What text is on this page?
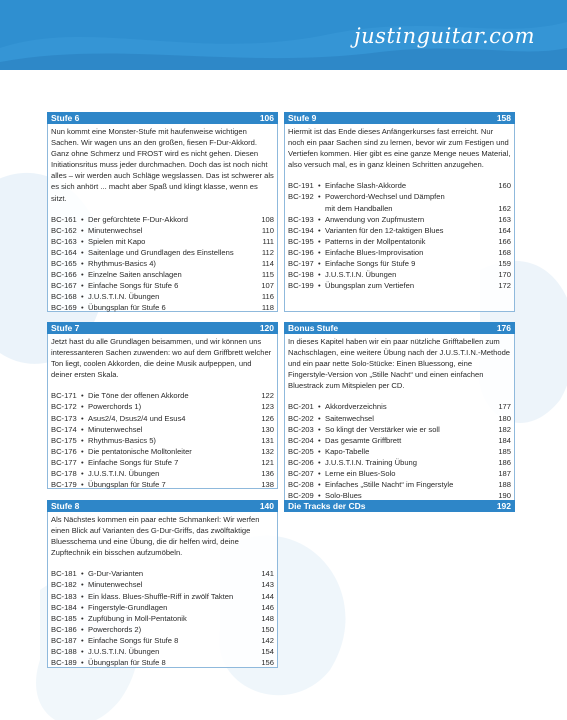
justinguitar.com
Stufe 6	106
Nun kommt eine Monster-Stufe mit haufenweise wichtigen Sachen. Wir wagen uns an den großen, fiesen F-Dur-Akkord. Ganz ohne Schmerz und FROST wird es nicht gehen. Diesen Initiationsritus muss jeder durchmachen. Doch das ist noch nicht alles – wir werden auch Schläge wegslassen. Das ist schwerer als es sich anhört ... macht aber Spaß und klingt klasse, wenn es sitzt.
BC-161 • Der gefürchtete F-Dur-Akkord	108
BC-162 • Minutenwechsel	110
BC-163 • Spielen mit Kapo	111
BC-164 • Saitenlage und Grundlagen des Einstellens	112
BC-165 • Rhythmus-Basics 4)	114
BC-166 • Einzelne Saiten anschlagen	115
BC-167 • Einfache Songs für Stufe 6	107
BC-168 • J.U.S.T.I.N. Übungen	116
BC-169 • Übungsplan für Stufe 6	118
Stufe 7	120
Jetzt hast du alle Grundlagen beisammen, und wir können uns interessanteren Sachen zuwenden: wo auf dem Griffbrett welcher Ton liegt, coolen Akkorden, die deine Musik aufpeppen, und deiner ersten Skala.
BC-171 • Die Töne der offenen Akkorde	122
BC-172 • Powerchords 1)	123
BC-173 • Asus2/4, Dsus2/4 und Esus4	126
BC-174 • Minutenwechsel	130
BC-175 • Rhythmus-Basics 5)	131
BC-176 • Die pentatonische Molltonleiter	132
BC-177 • Einfache Songs für Stufe 7	121
BC-178 • J.U.S.T.I.N. Übungen	136
BC-179 • Übungsplan für Stufe 7	138
Stufe 8	140
Als Nächstes kommen ein paar echte Schmankerl: Wir werfen einen Blick auf Varianten des G-Dur-Griffs, das zwölftaktige Bluesschema und eine Übung, die dir helfen wird, deine Zupftechnik ein bisschen aufzumöbeln.
BC-181 • G-Dur-Varianten	141
BC-182 • Minutenwechsel	143
BC-183 • Ein klass. Blues-Shuffle-Riff in zwölf Takten	144
BC-184 • Fingerstyle-Grundlagen	146
BC-185 • Zupfübung in Moll-Pentatonik	148
BC-186 • Powerchords 2)	150
BC-187 • Einfache Songs für Stufe 8	142
BC-188 • J.U.S.T.I.N. Übungen	154
BC-189 • Übungsplan für Stufe 8	156
Stufe 9	158
Hiermit ist das Ende dieses Anfängerkurses fast erreicht. Nur noch ein paar Sachen sind zu lernen, bevor wir zum Festigen und Vertiefen kommen. Hier gibt es eine ganze Menge neues Material, also versuch mal, es in ganz kleinen Schritten anzugehen.
BC-191 • Einfache Slash-Akkorde	160
BC-192 • Powerchord-Wechsel und Dämpfen
mit dem Handballen	162
BC-193 • Anwendung von Zupfmustern	163
BC-194 • Varianten für den 12-taktigen Blues	164
BC-195 • Patterns in der Mollpentatonik	166
BC-196 • Einfache Blues-Improvisation	168
BC-197 • Einfache Songs für Stufe 9	159
BC-198 • J.U.S.T.I.N. Übungen	170
BC-199 • Übungsplan zum Vertiefen	172
Bonus Stufe	176
In dieses Kapitel haben wir ein paar nützliche Grifftabellen zum Nachschlagen, eine weitere Übung nach der J.U.S.T.I.N.-Methode und ein paar nette Solo-Stücke: Einen Bluessong, eine Fingerstyle-Version von „Stille Nacht“ und einen einfachen Bluestrack zum Mitspielen per CD.
BC-201 • Akkordverzeichnis	177
BC-202 • Saitenwechsel	180
BC-203 • So klingt der Verstärker wie er soll	182
BC-204 • Das gesamte Griffbrett	184
BC-205 • Kapo-Tabelle	185
BC-206 • J.U.S.T.I.N. Training Übung	186
BC-207 • Lerne ein Blues-Solo	187
BC-208 • Einfaches „Stille Nacht“ im Fingerstyle	188
BC-209 • Solo-Blues	190
Die Tracks der CDs	192
